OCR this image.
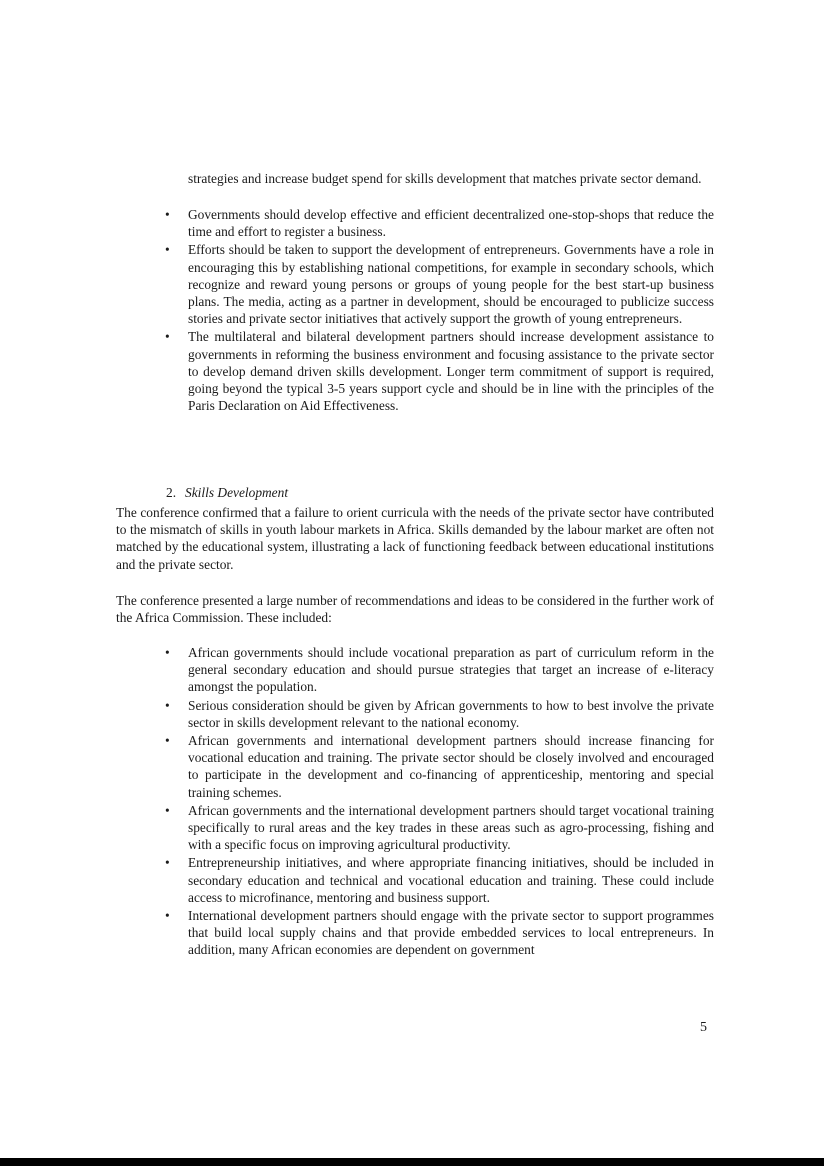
strategies and increase budget spend for skills development that matches private sector demand.

• Governments should develop effective and efficient decentralized one-stop-shops that reduce the time and effort to register a business.
• Efforts should be taken to support the development of entrepreneurs. Governments have a role in encouraging this by establishing national competitions, for example in secondary schools, which recognize and reward young persons or groups of young people for the best start-up business plans. The media, acting as a partner in development, should be encouraged to publicize success stories and private sector initiatives that actively support the growth of young entrepreneurs.
• The multilateral and bilateral development partners should increase development assistance to governments in reforming the business environment and focusing assistance to the private sector to develop demand driven skills development. Longer term commitment of support is required, going beyond the typical 3-5 years support cycle and should be in line with the principles of the Paris Declaration on Aid Effectiveness.
2. Skills Development

The conference confirmed that a failure to orient curricula with the needs of the private sector have contributed to the mismatch of skills in youth labour markets in Africa. Skills demanded by the labour market are often not matched by the educational system, illustrating a lack of functioning feedback between educational institutions and the private sector.

The conference presented a large number of recommendations and ideas to be considered in the further work of the Africa Commission. These included:

• African governments should include vocational preparation as part of curriculum reform in the general secondary education and should pursue strategies that target an increase of e-literacy amongst the population.
• Serious consideration should be given by African governments to how to best involve the private sector in skills development relevant to the national economy.
• African governments and international development partners should increase financing for vocational education and training. The private sector should be closely involved and encouraged to participate in the development and co-financing of apprenticeship, mentoring and special training schemes.
• African governments and the international development partners should target vocational training specifically to rural areas and the key trades in these areas such as agro-processing, fishing and with a specific focus on improving agricultural productivity.
• Entrepreneurship initiatives, and where appropriate financing initiatives, should be included in secondary education and technical and vocational education and training. These could include access to microfinance, mentoring and business support.
• International development partners should engage with the private sector to support programmes that build local supply chains and that provide embedded services to local entrepreneurs. In addition, many African economies are dependent on government
5
